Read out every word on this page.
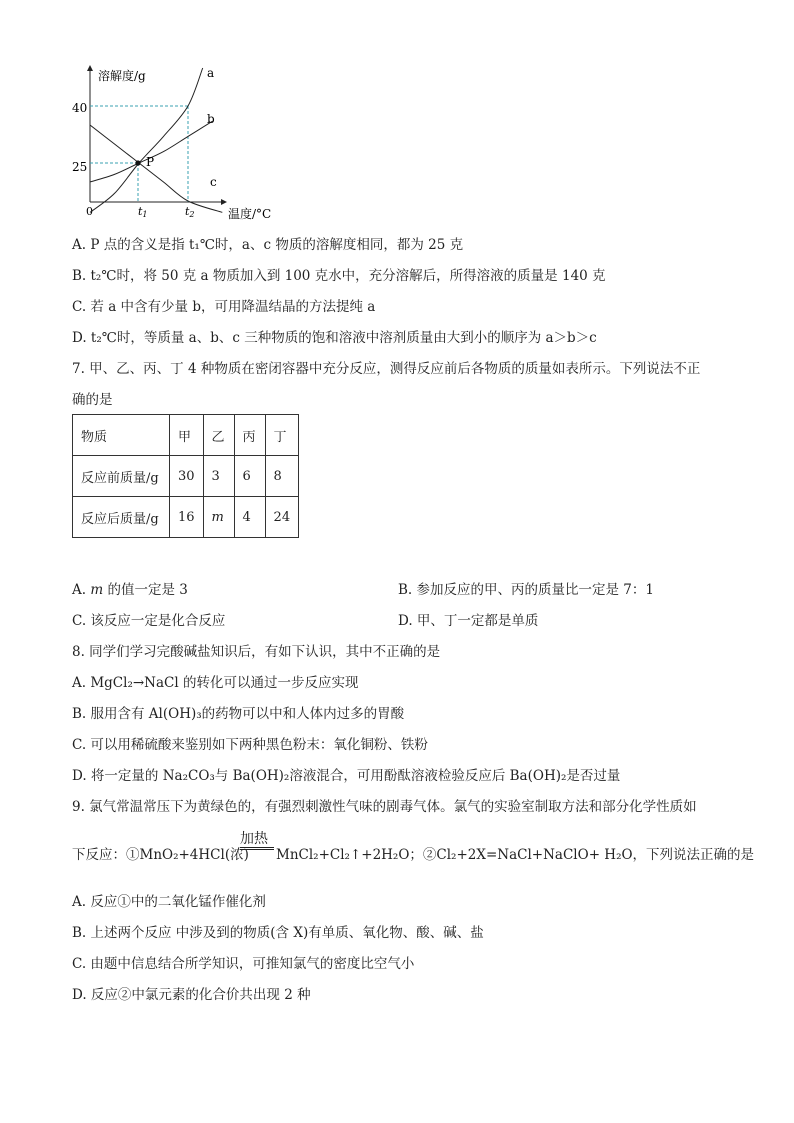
溶解度/g
温度/°C
40
25
0	t1	t2
P
a
b
c
A. P 点的含义是指 t₁℃时，a、c 物质的溶解度相同，都为 25 克
B. t₂℃时，将 50 克 a 物质加入到 100 克水中，充分溶解后，所得溶液的质量是 140 克
C. 若 a 中含有少量 b，可用降温结晶的方法提纯 a
D. t₂℃时，等质量 a、b、c 三种物质的饱和溶液中溶剂质量由大到小的顺序为 a＞b＞c
7. 甲、乙、丙、丁 4 种物质在密闭容器中充分反应，测得反应前后各物质的质量如表所示。下列说法不正
确的是
物质	甲	乙	丙	丁
反应前质量/g	30	3	6	8
反应后质量/g	16	m	4	24
A. m 的值一定是 3	B. 参加反应的甲、丙的质量比一定是 7：1
C. 该反应一定是化合反应	D. 甲、丁一定都是单质
8. 同学们学习完酸碱盐知识后，有如下认识，其中不正确的是
A. MgCl₂→NaCl 的转化可以通过一步反应实现
B. 服用含有 Al(OH)₃的药物可以中和人体内过多的胃酸
C. 可以用稀硫酸来鉴别如下两种黑色粉末：氧化铜粉、铁粉
D. 将一定量的 Na₂CO₃与 Ba(OH)₂溶液混合，可用酚酞溶液检验反应后 Ba(OH)₂是否过量
9. 氯气常温常压下为黄绿色的，有强烈刺激性气味的剧毒气体。氯气的实验室制取方法和部分化学性质如
加热
下反应：①MnO₂+4HCl(浓) MnCl₂+Cl₂↑+2H₂O；②Cl₂+2X=NaCl+NaClO+ H₂O，下列说法正确的是
A. 反应①中的二氧化锰作催化剂
B. 上述两个反应 中涉及到的物质(含 X)有单质、氧化物、酸、碱、盐
C. 由题中信息结合所学知识，可推知氯气的密度比空气小
D. 反应②中氯元素的化合价共出现 2 种
